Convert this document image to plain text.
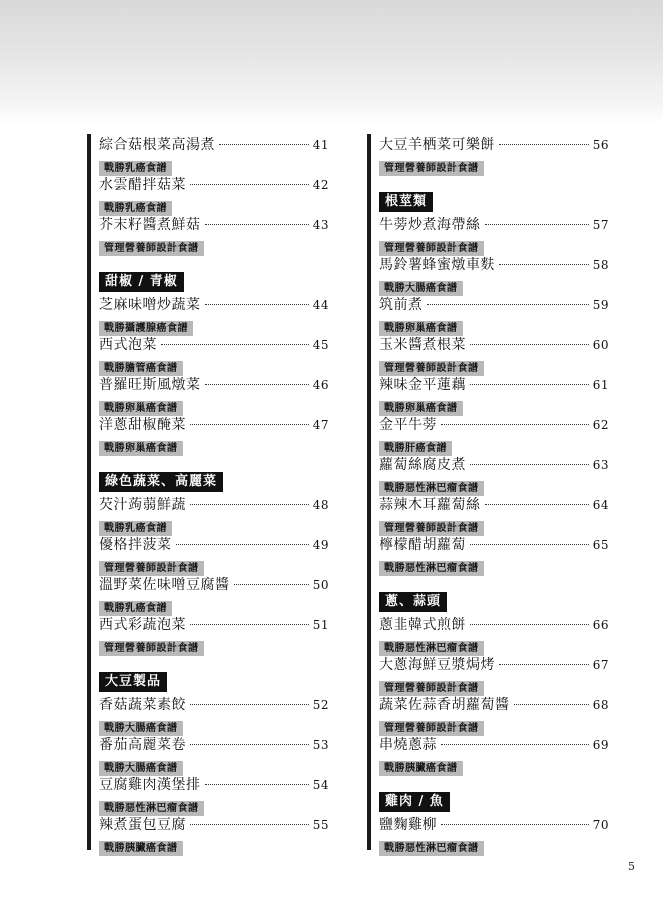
綜合菇根菜高湯煮	41
戰勝乳癌食譜
水雲醋拌菇菜	42
戰勝乳癌食譜
芥末籽醬煮鮮菇	43
管理營養師設計食譜
甜椒 / 青椒
芝麻味噌炒蔬菜	44
戰勝攝護腺癌食譜
西式泡菜	45
戰勝膽管癌食譜
普羅旺斯風燉菜	46
戰勝卵巢癌食譜
洋蔥甜椒醃菜	47
戰勝卵巢癌食譜
綠色蔬菜、高麗菜
芡汁蒟蒻鮮蔬	48
戰勝乳癌食譜
優格拌菠菜	49
管理營養師設計食譜
溫野菜佐味噌豆腐醬	50
戰勝乳癌食譜
西式彩蔬泡菜	51
管理營養師設計食譜
大豆製品
香菇蔬菜素餃	52
戰勝大腸癌食譜
番茄高麗菜卷	53
戰勝大腸癌食譜
豆腐雞肉漢堡排	54
戰勝惡性淋巴瘤食譜
辣煮蛋包豆腐	55
戰勝胰臟癌食譜
大豆羊栖菜可樂餅	56
管理營養師設計食譜
根莖類
牛蒡炒煮海帶絲	57
管理營養師設計食譜
馬鈴薯蜂蜜燉車麩	58
戰勝大腸癌食譜
筑前煮	59
戰勝卵巢癌食譜
玉米醬煮根菜	60
管理營養師設計食譜
辣味金平蓮藕	61
戰勝卵巢癌食譜
金平牛蒡	62
戰勝肝癌食譜
蘿蔔絲腐皮煮	63
戰勝惡性淋巴瘤食譜
蒜辣木耳蘿蔔絲	64
管理營養師設計食譜
檸檬醋胡蘿蔔	65
戰勝惡性淋巴瘤食譜
蔥、蒜頭
蔥韭韓式煎餅	66
戰勝惡性淋巴瘤食譜
大蔥海鮮豆漿焗烤	67
管理營養師設計食譜
蔬菜佐蒜香胡蘿蔔醬	68
管理營養師設計食譜
串燒蔥蒜	69
戰勝胰臟癌食譜
雞肉 / 魚
鹽麴雞柳	70
戰勝惡性淋巴瘤食譜
5
